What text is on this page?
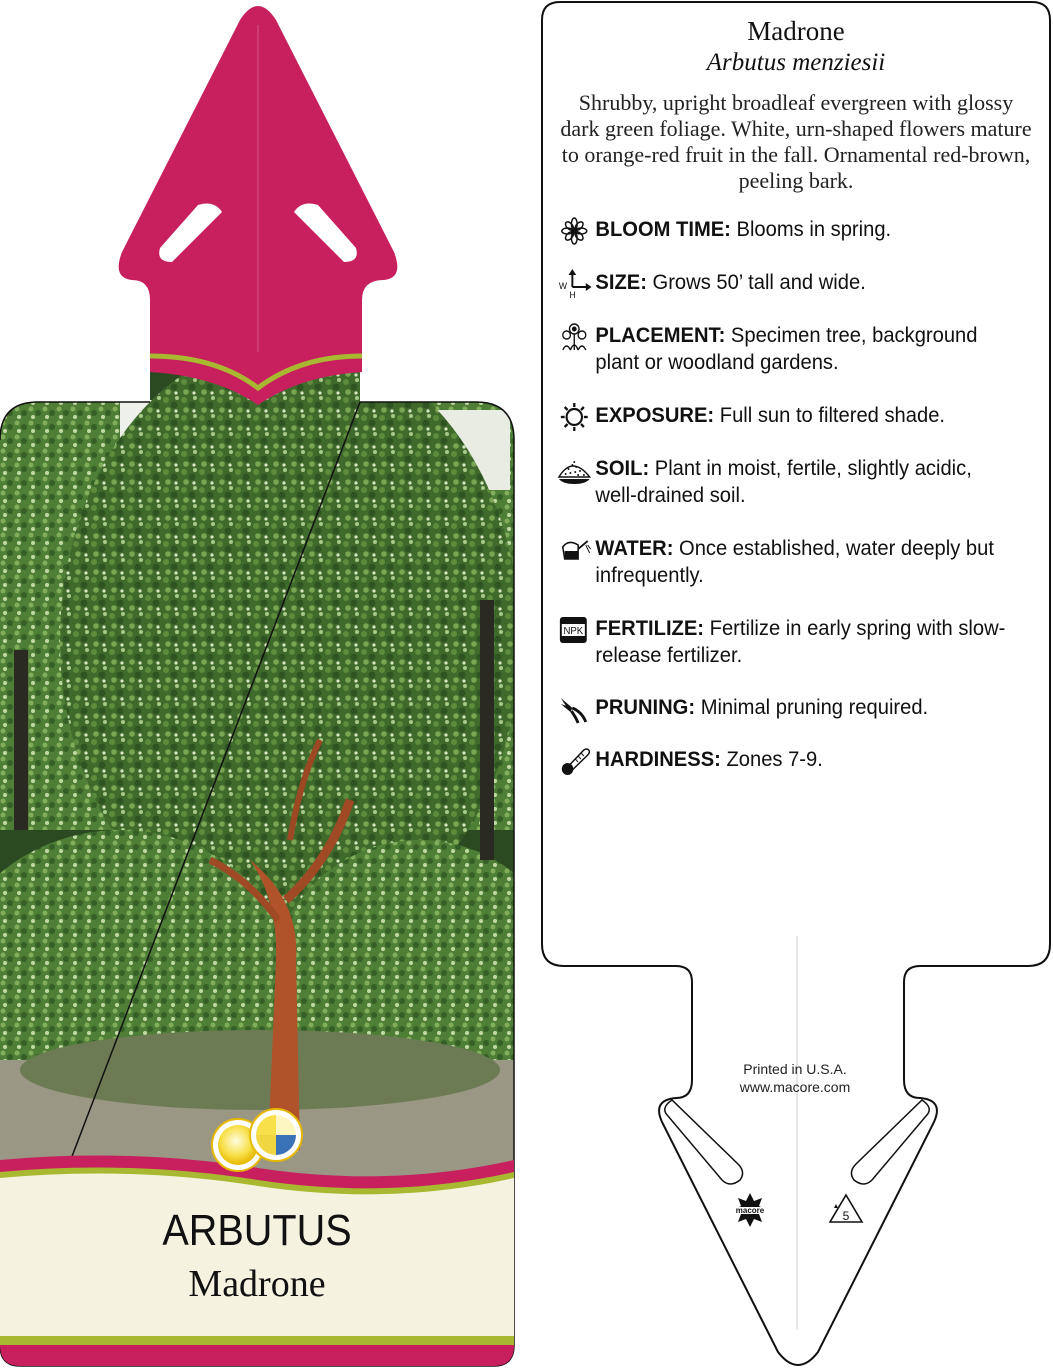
macore	5
ARBUTUS
Madrone
Madrone
Arbutus menziesii
Shrubby, upright broadleaf evergreen with glossy dark green foliage. White, urn-shaped flowers mature to orange-red fruit in the fall. Ornamental red-brown, peeling bark.
BLOOM TIME: Blooms in spring.
W
H
SIZE: Grows 50’ tall and wide.
PLACEMENT: Specimen tree, background plant or woodland gardens.
EXPOSURE: Full sun to filtered shade.
SOIL: Plant in moist, fertile, slightly acidic, well-drained soil.
WATER: Once established, water deeply but infrequently.
NPK FERTILIZE: Fertilize in early spring with slow-release fertilizer.
PRUNING: Minimal pruning required.
HARDINESS: Zones 7-9.
Printed in U.S.A.
www.macore.com
